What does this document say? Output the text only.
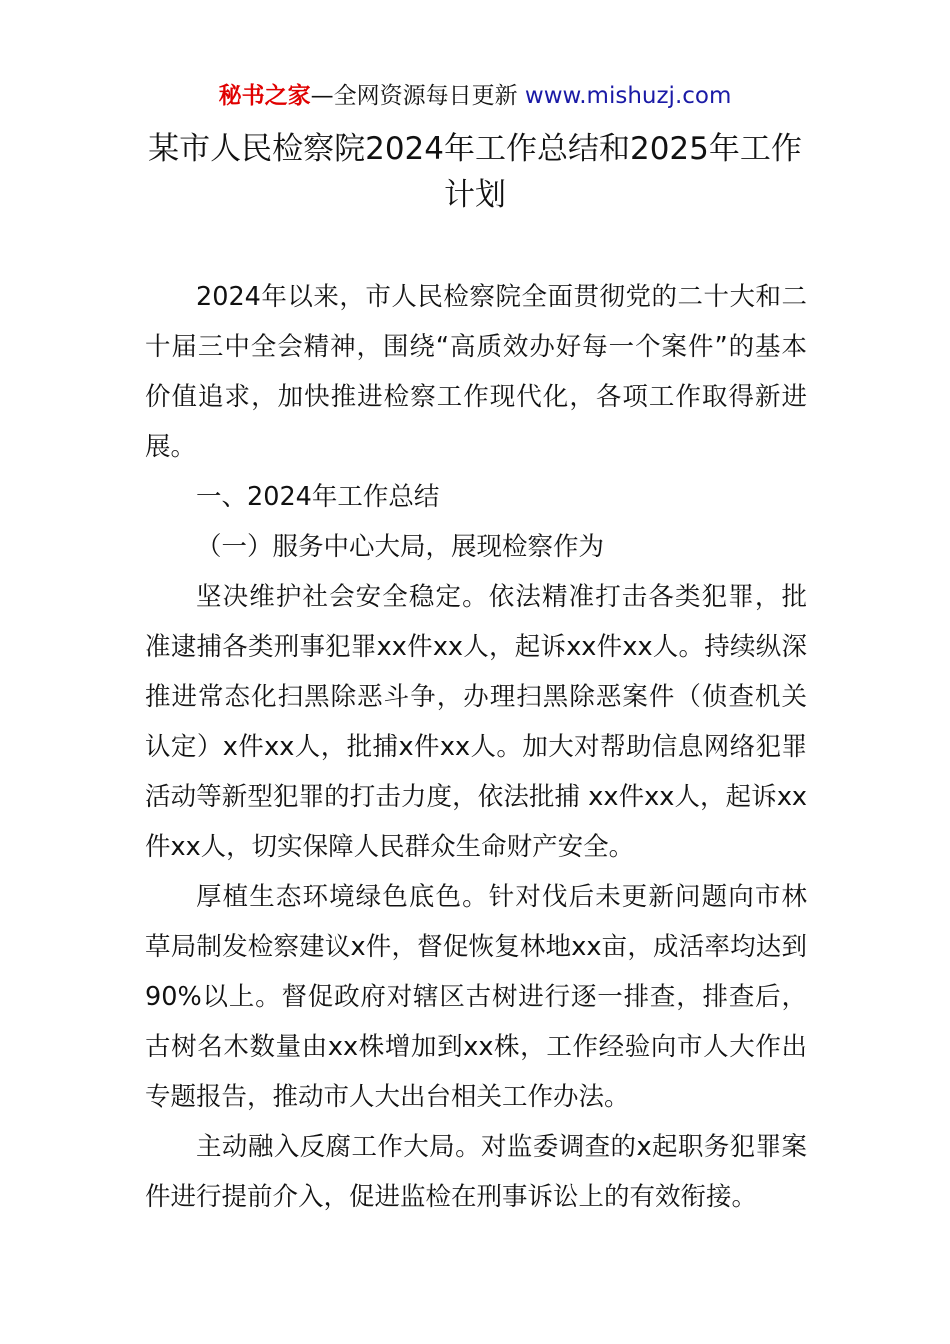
秘书之家—全网资源每日更新 www.mishuzj.com
某市人民检察院2024年工作总结和2025年工作计划

2024年以来，市人民检察院全面贯彻党的二十大和二十届三中全会精神，围绕“高质效办好每一个案件”的基本价值追求，加快推进检察工作现代化，各项工作取得新进展。

一、2024年工作总结

（一）服务中心大局，展现检察作为

坚决维护社会安全稳定。依法精准打击各类犯罪，批准逮捕各类刑事犯罪xx件xx人，起诉xx件xx人。持续纵深推进常态化扫黑除恶斗争，办理扫黑除恶案件（侦查机关认定）x件xx人，批捕x件xx人。加大对帮助信息网络犯罪活动等新型犯罪的打击力度，依法批捕 xx件xx人，起诉xx件xx人，切实保障人民群众生命财产安全。

厚植生态环境绿色底色。针对伐后未更新问题向市林草局制发检察建议x件，督促恢复林地xx亩，成活率均达到90%以上。督促政府对辖区古树进行逐一排查，排查后，古树名木数量由xx株增加到xx株，工作经验向市人大作出专题报告，推动市人大出台相关工作办法。

主动融入反腐工作大局。对监委调查的x起职务犯罪案件进行提前介入，促进监检在刑事诉讼上的有效衔接。
